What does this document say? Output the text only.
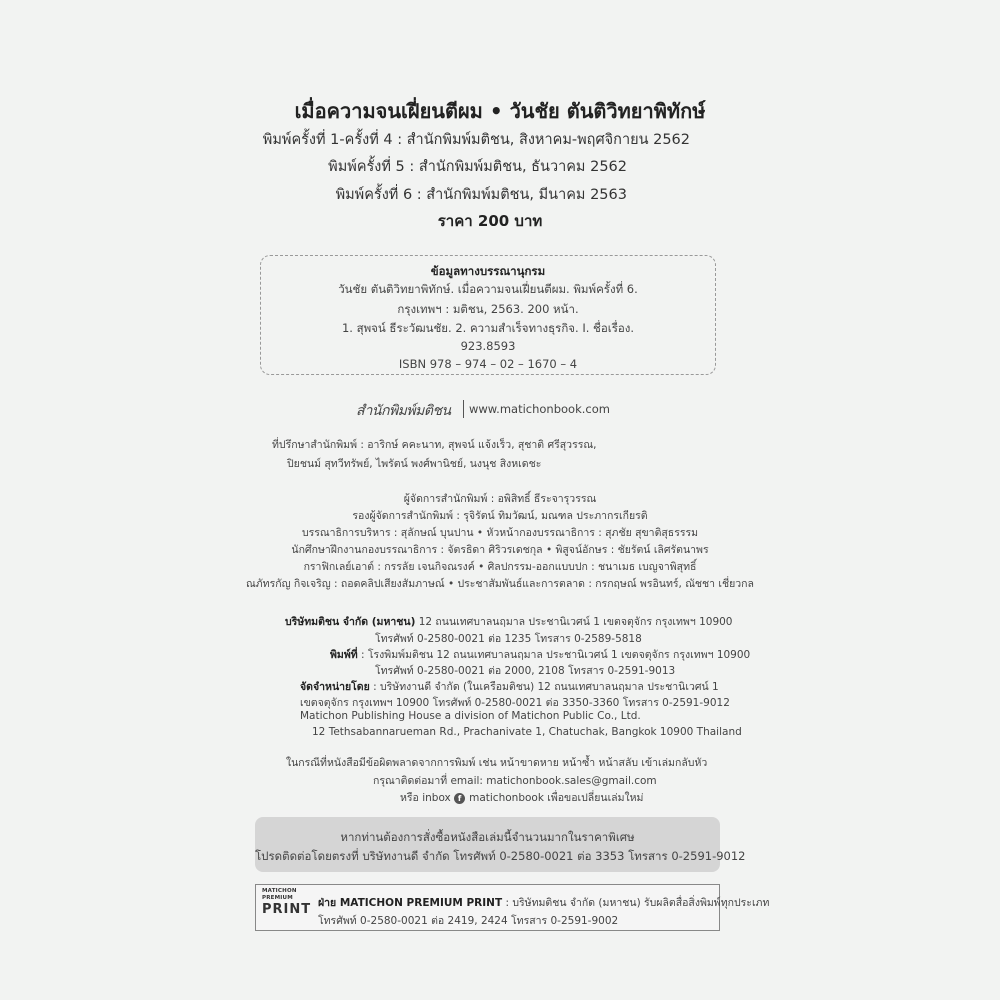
เมื่อความจนเฝี่ยนตีผม • วันชัย ตันติวิทยาพิทักษ์
พิมพ์ครั้งที่ 1-ครั้งที่ 4 : สำนักพิมพ์มติชน, สิงหาคม-พฤศจิกายน 2562
พิมพ์ครั้งที่ 5 : สำนักพิมพ์มติชน, ธันวาคม 2562
พิมพ์ครั้งที่ 6 : สำนักพิมพ์มติชน, มีนาคม 2563
ราคา 200 บาท
ข้อมูลทางบรรณานุกรม
วันชัย ตันติวิทยาพิทักษ์. เมื่อความจนเฝี่ยนตีผม. พิมพ์ครั้งที่ 6.
กรุงเทพฯ : มติชน, 2563. 200 หน้า.
1. สุพจน์ ธีระวัฒนชัย. 2. ความสำเร็จทางธุรกิจ. I. ชื่อเรื่อง.
923.8593
ISBN 978 – 974 – 02 – 1670 – 4
สำนักพิมพ์มติชน www.matichonbook.com
ที่ปรึกษาสำนักพิมพ์ : อาริกษ์ คคะนาท, สุพจน์ แจ้งเร็ว, สุชาติ ศรีสุวรรณ,
ปิยชนม์ สุทวีทรัพย์, ไพรัตน์ พงศ์พานิชย์, นงนุช สิงหเดชะ
ผู้จัดการสำนักพิมพ์ : อพิสิทธิ์ ธีระจารุวรรณ
รองผู้จัดการสำนักพิมพ์ : รุจิรัตน์ ทิมวัฒน์, มณฑล ประภากรเกียรติ
บรรณาธิการบริหาร : สุลักษณ์ บุนปาน • หัวหน้ากองบรรณาธิการ : สุภชัย สุขาติสุธรรรม
นักศึกษาฝึกงานกองบรรณาธิการ : จัตรธิดา ศิริวรเดชกุล • พิสูจน์อักษร : ชัยรัตน์ เลิศรัตนาพร
กราฟิกเลย์เอาต์ : กรรลัย เจนกิจณรงค์ • ศิลปกรรม-ออกแบบปก : ชนาเมธ เบญจาพิสุทธิ์
ณภัทรกัญ กิจเจริญ : ถอดคลิปเสียงสัมภาษณ์ • ประชาสัมพันธ์และการตลาด : กรกฤษณ์ พรอินทร์, ณัชชา เชี่ยวกล
บริษัทมติชน จำกัด (มหาชน) 12 ถนนเทศบาลนฤมาล ประชานิเวศน์ 1 เขตจตุจักร กรุงเทพฯ 10900
โทรศัพท์ 0-2580-0021 ต่อ 1235 โทรสาร 0-2589-5818
พิมพ์ที่ : โรงพิมพ์มติชน 12 ถนนเทศบาลนฤมาล ประชานิเวศน์ 1 เขตจตุจักร กรุงเทพฯ 10900
โทรศัพท์ 0-2580-0021 ต่อ 2000, 2108 โทรสาร 0-2591-9013
จัดจำหน่ายโดย : บริษัทงานดี จำกัด (ในเครือมติชน) 12 ถนนเทศบาลนฤมาล ประชานิเวศน์ 1
เขตจตุจักร กรุงเทพฯ 10900 โทรศัพท์ 0-2580-0021 ต่อ 3350-3360 โทรสาร 0-2591-9012
Matichon Publishing House a division of Matichon Public Co., Ltd.
12 Tethsabannarueman Rd., Prachanivate 1, Chatuchak, Bangkok 10900 Thailand
ในกรณีที่หนังสือมีข้อผิดพลาดจากการพิมพ์ เช่น หน้าขาดหาย หน้าซ้ำ หน้าสลับ เข้าเล่มกลับหัว
กรุณาติดต่อมาที่ email: matichonbook.sales@gmail.com
หรือ inbox f matichonbook เพื่อขอเปลี่ยนเล่มใหม่
หากท่านต้องการสั่งซื้อหนังสือเล่มนี้จำนวนมากในราคาพิเศษ
โปรดติดต่อโดยตรงที่ บริษัทงานดี จำกัด โทรศัพท์ 0-2580-0021 ต่อ 3353 โทรสาร 0-2591-9012
MATICHON
PREMIUM
PRINT ฝ่าย MATICHON PREMIUM PRINT : บริษัทมติชน จำกัด (มหาชน) รับผลิตสื่อสิ่งพิมพ์ทุกประเภท
โทรศัพท์ 0-2580-0021 ต่อ 2419, 2424 โทรสาร 0-2591-9002
